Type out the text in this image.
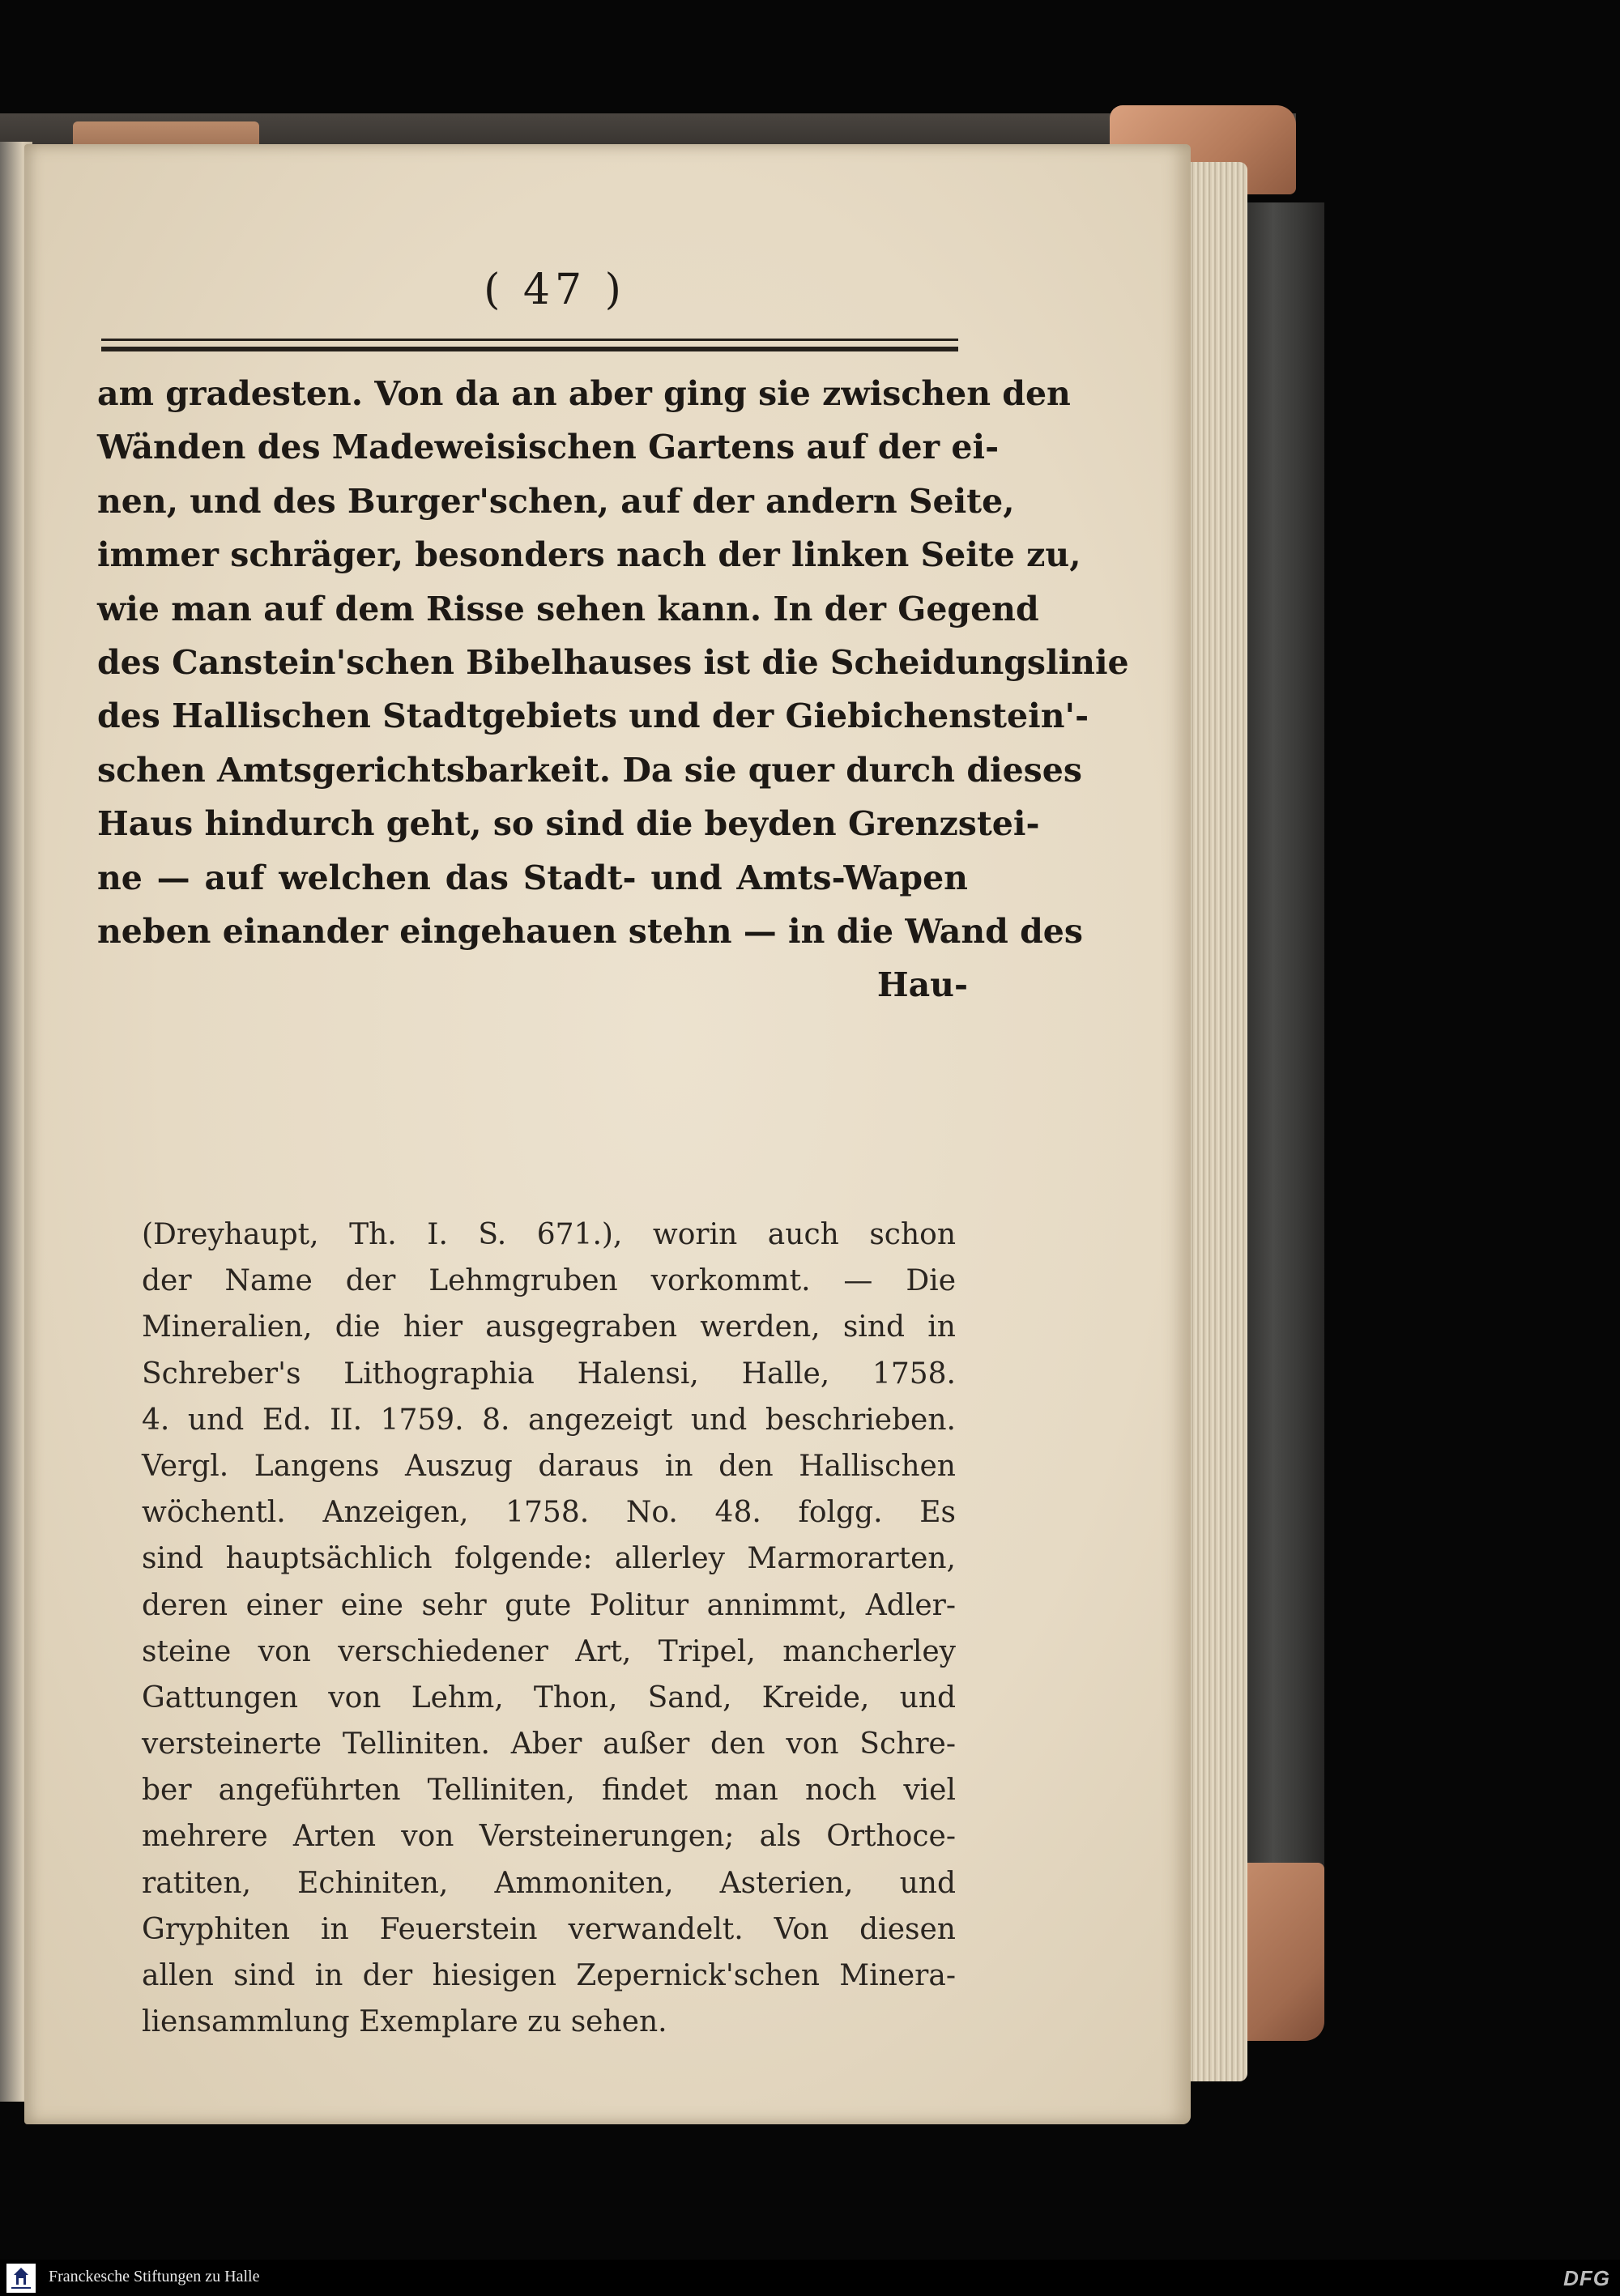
( 47 )
am gradesten. Von da an aber ging sie zwischen den
Wänden des Madeweisischen Gartens auf der ei-
nen, und des Burger'schen, auf der andern Seite,
immer schräger, besonders nach der linken Seite zu,
wie man auf dem Risse sehen kann. In der Gegend
des Canstein'schen Bibelhauses ist die Scheidungslinie
des Hallischen Stadtgebiets und der Giebichenstein'-
schen Amtsgerichtsbarkeit. Da sie quer durch dieses
Haus hindurch geht, so sind die beyden Grenzstei-
ne — auf welchen das Stadt- und Amts-Wapen
neben einander eingehauen stehn — in die Wand des
Hau-
(Dreyhaupt, Th. I. S. 671.), worin auch schon
der Name der Lehmgruben vorkommt. — Die
Mineralien, die hier ausgegraben werden, sind in
Schreber's Lithographia Halensi, Halle, 1758.
4. und Ed. II. 1759. 8. angezeigt und beschrieben.
Vergl. Langens Auszug daraus in den Hallischen
wöchentl. Anzeigen, 1758. No. 48. folgg. Es
sind hauptsächlich folgende: allerley Marmorarten,
deren einer eine sehr gute Politur annimmt, Adler-
steine von verschiedener Art, Tripel, mancherley
Gattungen von Lehm, Thon, Sand, Kreide, und
versteinerte Telliniten. Aber außer den von Schre-
ber angeführten Telliniten, findet man noch viel
mehrere Arten von Versteinerungen; als Orthoce-
ratiten, Echiniten, Ammoniten, Asterien, und
Gryphiten in Feuerstein verwandelt. Von diesen
allen sind in der hiesigen Zepernick'schen Minera-
liensammlung Exemplare zu sehen.
Franckesche Stiftungen zu Halle	DFG
